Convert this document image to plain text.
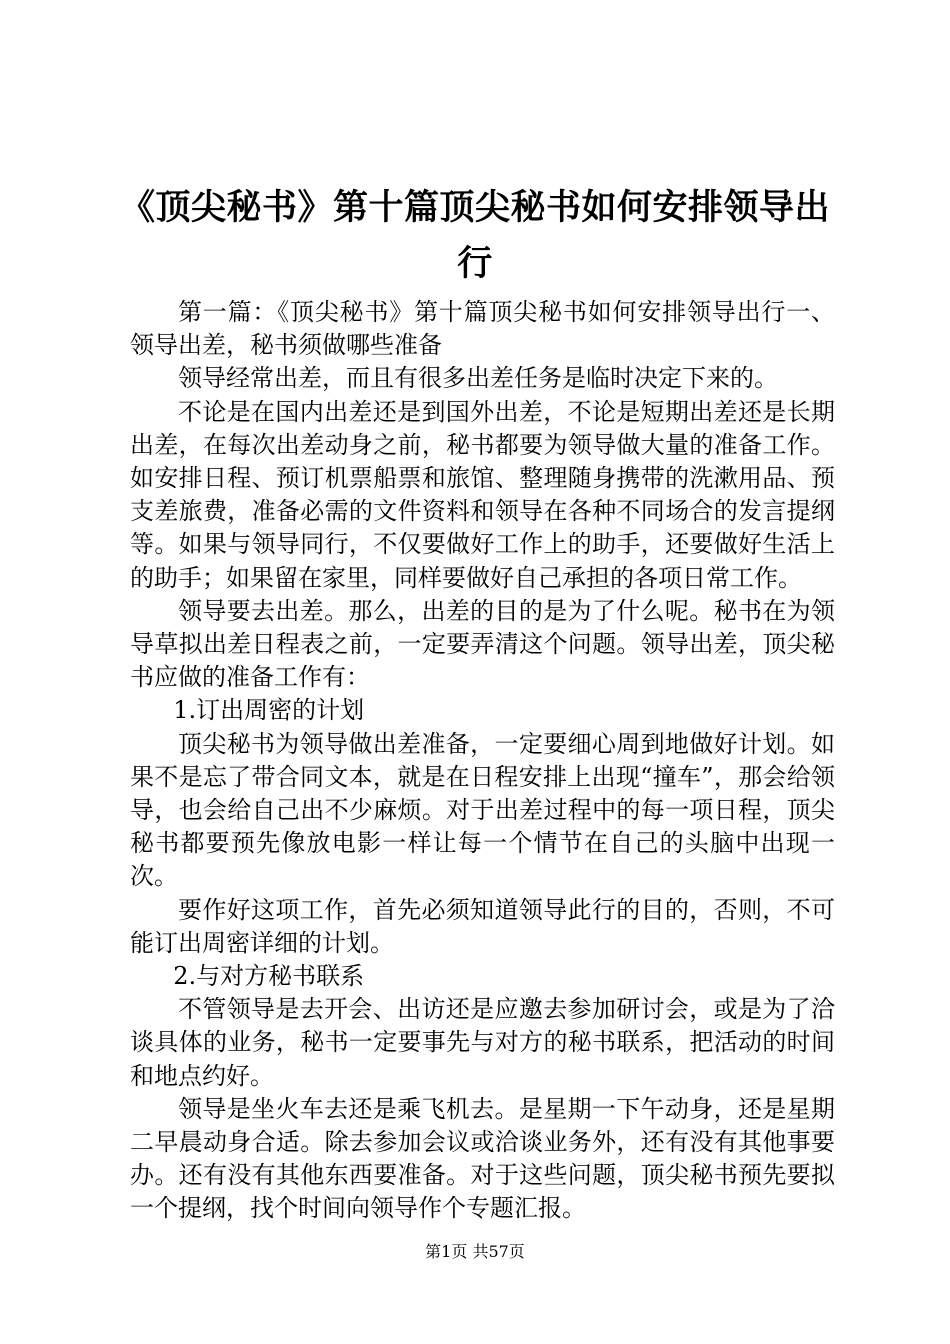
《顶尖秘书》第十篇顶尖秘书如何安排领导出行

第一篇：《顶尖秘书》第十篇顶尖秘书如何安排领导出行一、领导出差，秘书须做哪些准备

领导经常出差，而且有很多出差任务是临时决定下来的。

不论是在国内出差还是到国外出差，不论是短期出差还是长期出差，在每次出差动身之前，秘书都要为领导做大量的准备工作。如安排日程、预订机票船票和旅馆、整理随身携带的洗漱用品、预支差旅费，准备必需的文件资料和领导在各种不同场合的发言提纲等。如果与领导同行，不仅要做好工作上的助手，还要做好生活上的助手；如果留在家里，同样要做好自己承担的各项日常工作。

领导要去出差。那么，出差的目的是为了什么呢。秘书在为领导草拟出差日程表之前，一定要弄清这个问题。领导出差，顶尖秘书应做的准备工作有：

1.订出周密的计划

顶尖秘书为领导做出差准备，一定要细心周到地做好计划。如果不是忘了带合同文本，就是在日程安排上出现“撞车”，那会给领导，也会给自己出不少麻烦。对于出差过程中的每一项日程，顶尖秘书都要预先像放电影一样让每一个情节在自己的头脑中出现一次。

要作好这项工作，首先必须知道领导此行的目的，否则，不可能订出周密详细的计划。

2.与对方秘书联系

不管领导是去开会、出访还是应邀去参加研讨会，或是为了洽谈具体的业务，秘书一定要事先与对方的秘书联系，把活动的时间和地点约好。

领导是坐火车去还是乘飞机去。是星期一下午动身，还是星期二早晨动身合适。除去参加会议或洽谈业务外，还有没有其他事要办。还有没有其他东西要准备。对于这些问题，顶尖秘书预先要拟一个提纲，找个时间向领导作个专题汇报。

第1页 共57页
